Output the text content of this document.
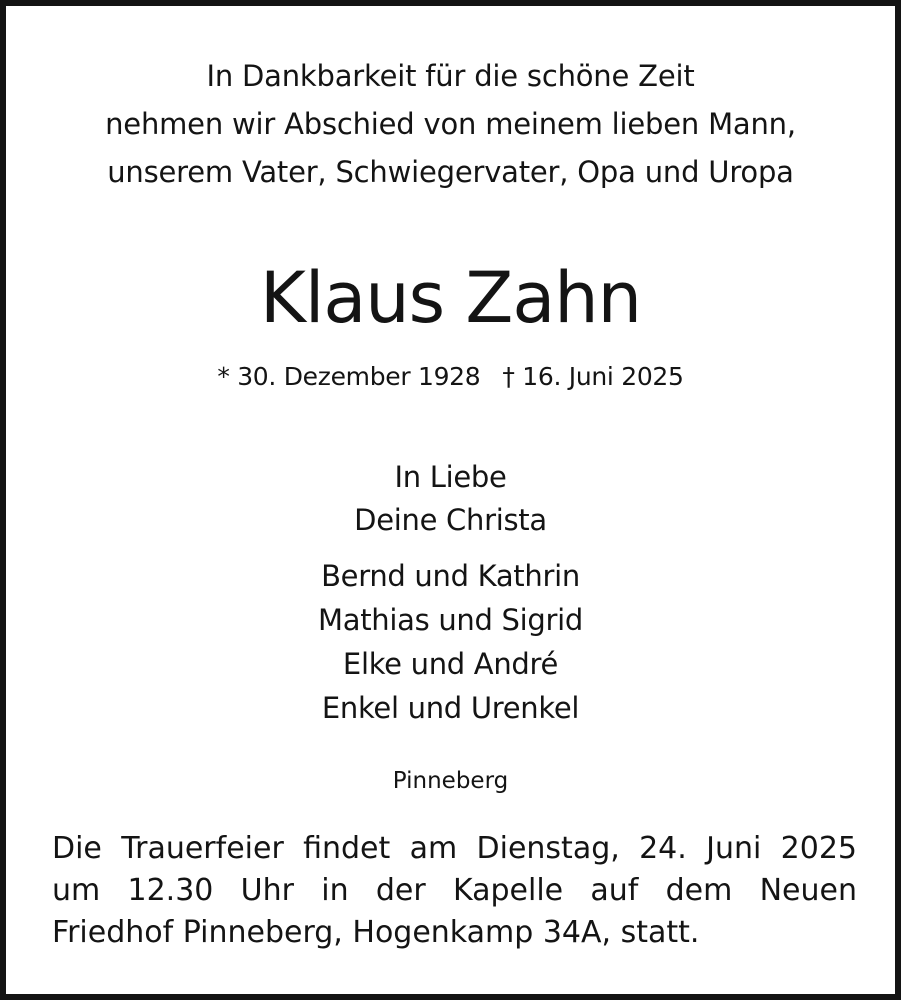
In Dankbarkeit für die schöne Zeit
nehmen wir Abschied von meinem lieben Mann,
unserem Vater, Schwiegervater, Opa und Uropa
Klaus Zahn
* 30. Dezember 1928 † 16. Juni 2025
In Liebe
Deine Christa
Bernd und Kathrin
Mathias und Sigrid
Elke und André
Enkel und Urenkel
Pinneberg
Die Trauerfeier findet am Dienstag, 24. Juni 2025
um 12.30 Uhr in der Kapelle auf dem Neuen
Friedhof Pinneberg, Hogenkamp 34A, statt.
